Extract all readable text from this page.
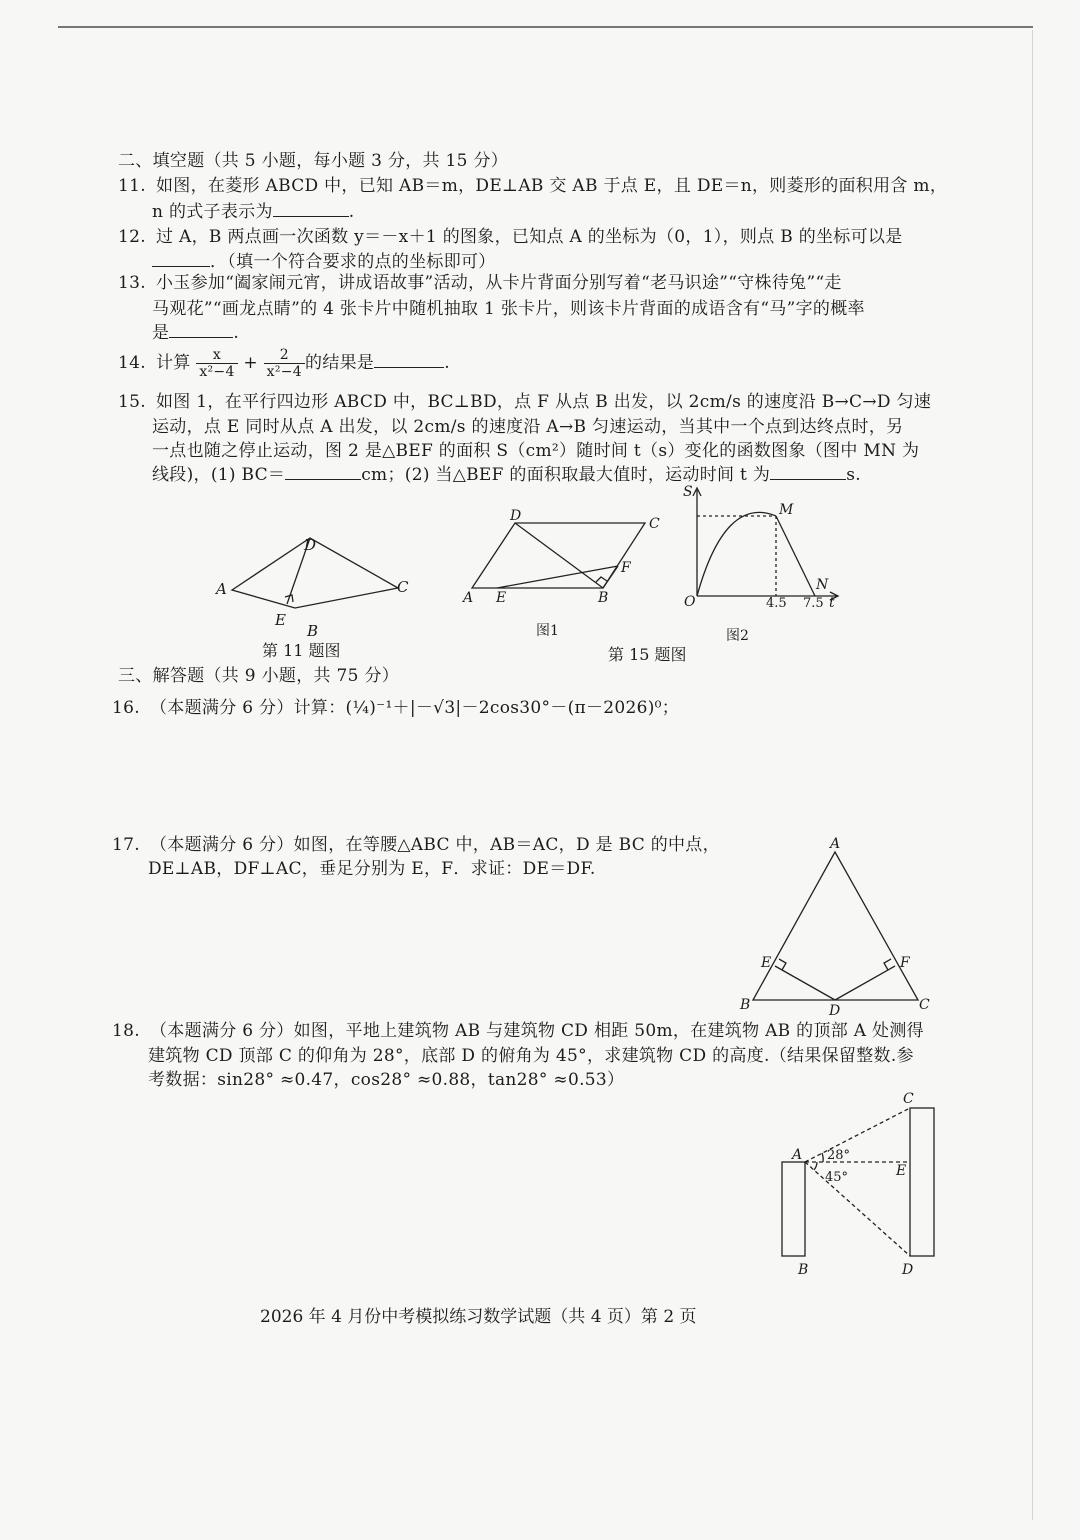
二、填空题（共 5 小题，每小题 3 分，共 15 分）
11. 如图，在菱形 ABCD 中，已知 AB＝m，DE⊥AB 交 AB 于点 E，且 DE＝n，则菱形的面积用含 m，
n 的式子表示为	.
12. 过 A，B 两点画一次函数 y＝－x＋1 的图象，已知点 A 的坐标为（0，1），则点 B 的坐标可以是
．（填一个符合要求的点的坐标即可）
13. 小玉参加“阖家闹元宵，讲成语故事”活动，从卡片背面分别写着“老马识途”“守株待兔”“走
马观花”“画龙点睛”的 4 张卡片中随机抽取 1 张卡片，则该卡片背面的成语含有“马”字的概率
是	.
14. 计算 $\frac{x}{\text{x²−4}} + \frac{2}{\text{x²−4}}$ 的结果是	.
15. 如图 1，在平行四边形 ABCD 中，BC⊥BD，点 F 从点 B 出发，以 2cm/s 的速度沿 B→C→D 匀速
运动，点 E 同时从点 A 出发，以 2cm/s 的速度沿 A→B 匀速运动，当其中一个点到达终点时，另
一点也随之停止运动，图 2 是△BEF 的面积 S（cm²）随时间 t（s）变化的函数图象（图中 MN 为
线段)，(1) BC＝	cm；(2) 当△BEF 的面积取最大值时，运动时间 t 为	s.
A
D
C
E
B
第 11 题图
A E	B
F
D	C
图1
S
M
N
O	4.5 7.5 t
图2
第 15 题图
三、解答题（共 9 小题，共 75 分）
16. （本题满分 6 分）计算：(¼)⁻¹＋|－√3|－2cos30°－(π－2026)⁰；
17. （本题满分 6 分）如图，在等腰△ABC 中，AB＝AC，D 是 BC 的中点，
DE⊥AB，DF⊥AC，垂足分别为 E，F．求证：DE＝DF.
A
E	F
B	D	C
18. （本题满分 6 分）如图，平地上建筑物 AB 与建筑物 CD 相距 50m，在建筑物 AB 的顶部 A 处测得
建筑物 CD 顶部 C 的仰角为 28°，底部 D 的俯角为 45°，求建筑物 CD 的高度.（结果保留整数.参
考数据：sin28° ≈0.47，cos28° ≈0.88，tan28° ≈0.53）
A 28°
45°	E
C
B	D
2026 年 4 月份中考模拟练习数学试题（共 4 页）第 2 页
